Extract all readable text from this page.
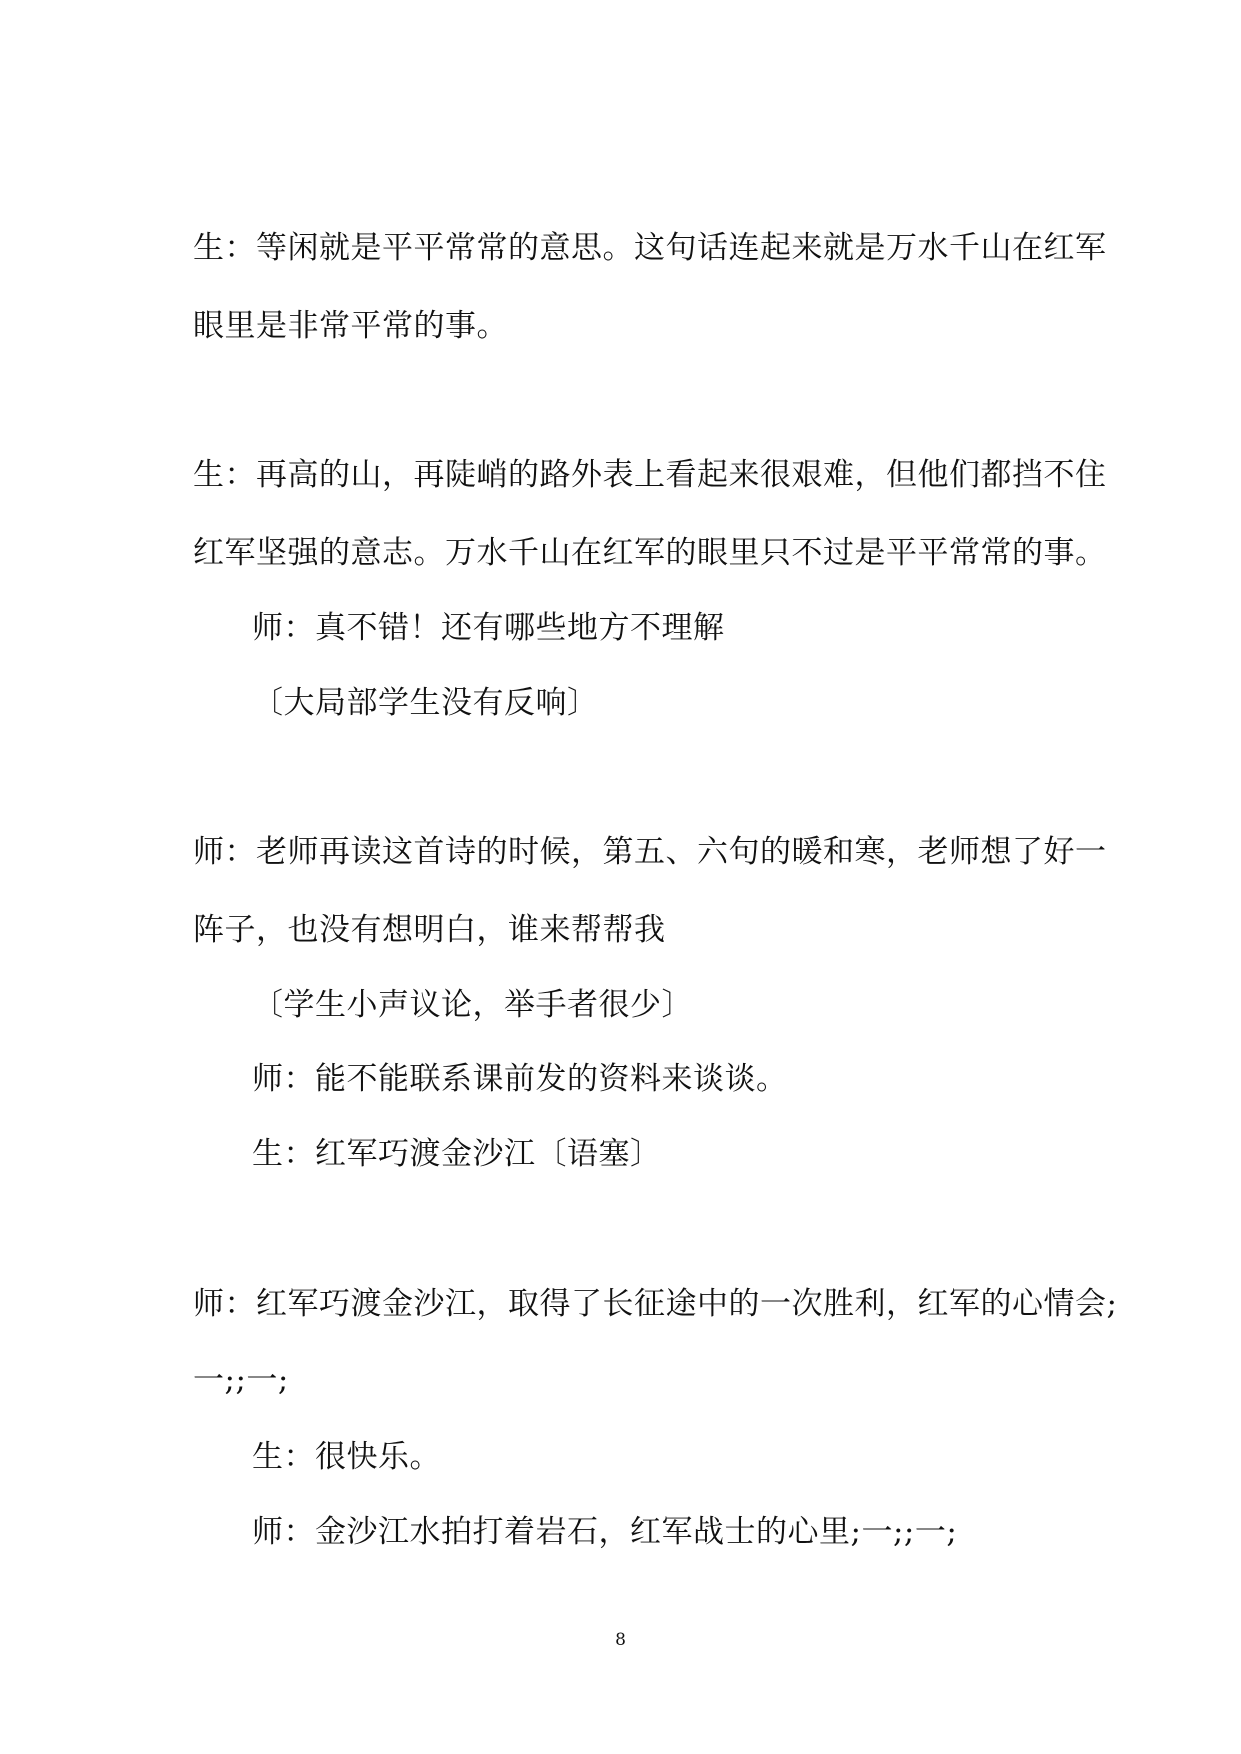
生：等闲就是平平常常的意思。这句话连起来就是万水千山在红军
眼里是非常平常的事。
生：再高的山，再陡峭的路外表上看起来很艰难，但他们都挡不住
红军坚强的意志。万水千山在红军的眼里只不过是平平常常的事。
师：真不错！还有哪些地方不理解
〔大局部学生没有反响〕
师：老师再读这首诗的时候，第五、六句的暖和寒，老师想了好一
阵子，也没有想明白，谁来帮帮我
〔学生小声议论，举手者很少〕
师：能不能联系课前发的资料来谈谈。
生：红军巧渡金沙江〔语塞〕
师：红军巧渡金沙江，取得了长征途中的一次胜利，红军的心情会;
一;;一;
生：很快乐。
师：金沙江水拍打着岩石，红军战士的心里;一;;一;
8
